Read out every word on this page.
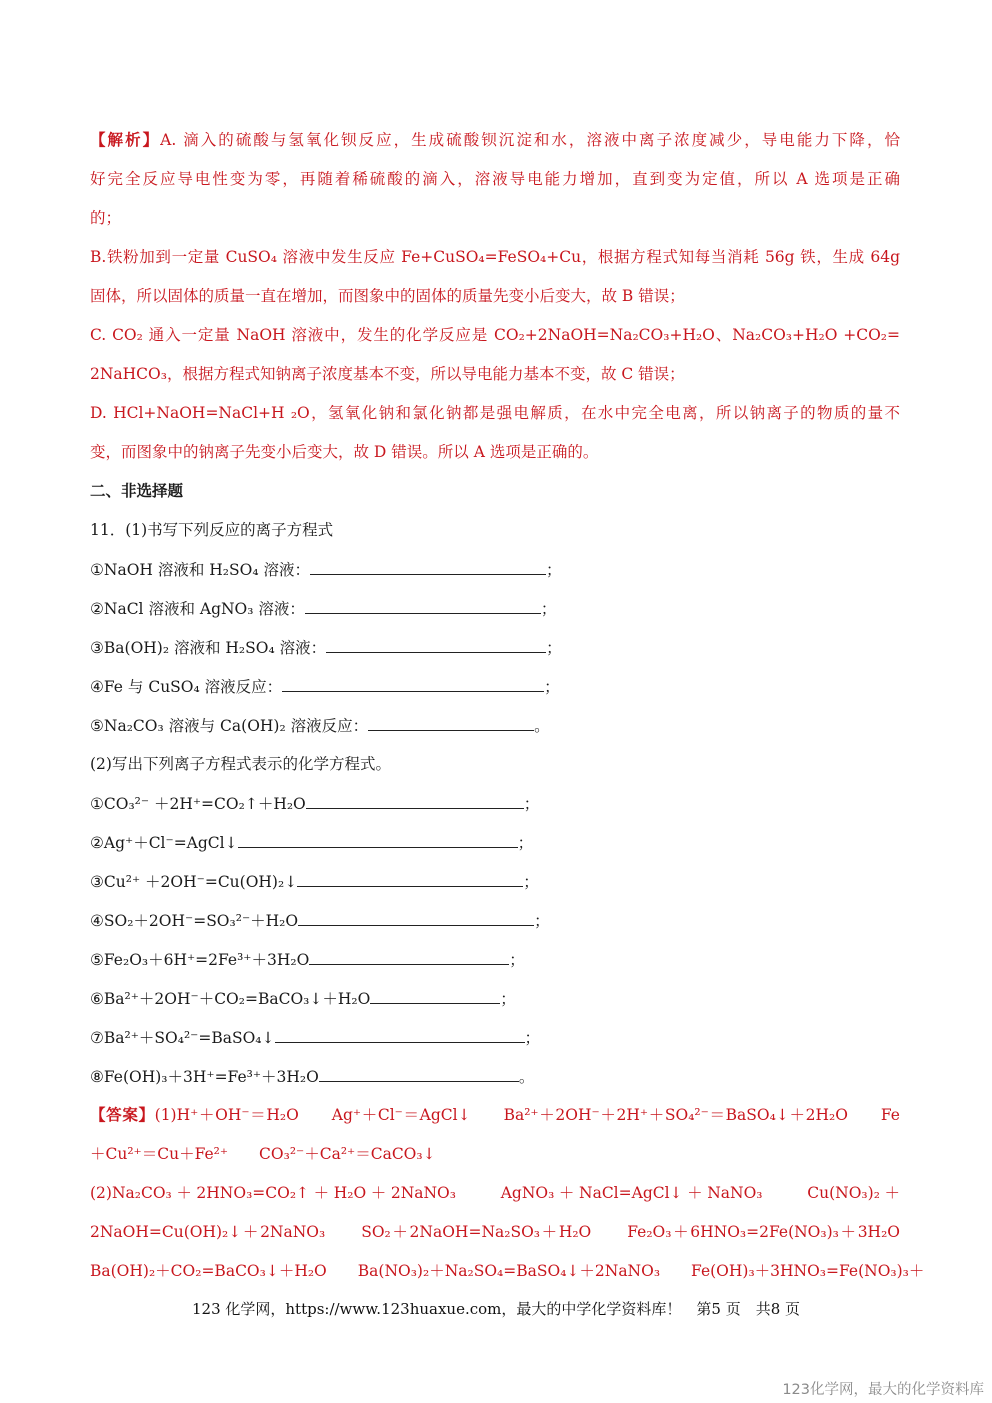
【解析】A. 滴入的硫酸与氢氧化钡反应，生成硫酸钡沉淀和水，溶液中离子浓度减少，导电能力下降，恰
好完全反应导电性变为零，再随着稀硫酸的滴入，溶液导电能力增加，直到变为定值，所以 A 选项是正确
的；
B.铁粉加到一定量 CuSO₄ 溶液中发生反应 Fe+CuSO₄=FeSO₄+Cu，根据方程式知每当消耗 56g 铁，生成 64g
固体，所以固体的质量一直在增加，而图象中的固体的质量先变小后变大，故 B 错误；
C. CO₂ 通入一定量 NaOH 溶液中，发生的化学反应是 CO₂+2NaOH=Na₂CO₃+H₂O、Na₂CO₃+H₂O +CO₂=
2NaHCO₃，根据方程式知钠离子浓度基本不变，所以导电能力基本不变，故 C 错误；
D. HCl+NaOH=NaCl+H ₂O，氢氧化钠和氯化钠都是强电解质，在水中完全电离，所以钠离子的物质的量不
变，而图象中的钠离子先变小后变大，故 D 错误。所以 A 选项是正确的。
二、非选择题
11．(1)书写下列反应的离子方程式
①NaOH 溶液和 H₂SO₄ 溶液：	；
②NaCl 溶液和 AgNO₃ 溶液：	；
③Ba(OH)₂ 溶液和 H₂SO₄ 溶液：	；
④Fe 与 CuSO₄ 溶液反应：	；
⑤Na₂CO₃ 溶液与 Ca(OH)₂ 溶液反应：	。
(2)写出下列离子方程式表示的化学方程式。
①CO₃²⁻ ＋2H⁺=CO₂↑＋H₂O	；
②Ag⁺＋Cl⁻=AgCl↓	；
③Cu²⁺ ＋2OH⁻=Cu(OH)₂↓	；
④SO₂＋2OH⁻=SO₃²⁻＋H₂O	；
⑤Fe₂O₃＋6H⁺=2Fe³⁺＋3H₂O	；
⑥Ba²⁺＋2OH⁻＋CO₂=BaCO₃↓＋H₂O	；
⑦Ba²⁺＋SO₄²⁻=BaSO₄↓	；
⑧Fe(OH)₃＋3H⁺=Fe³⁺＋3H₂O	。
【答案】(1)H⁺＋OH⁻＝H₂O　　Ag⁺＋Cl⁻＝AgCl↓　　Ba²⁺＋2OH⁻＋2H⁺＋SO₄²⁻＝BaSO₄↓＋2H₂O　　Fe
＋Cu²⁺＝Cu＋Fe²⁺　　CO₃²⁻＋Ca²⁺＝CaCO₃↓
(2)Na₂CO₃＋2HNO₃=CO₂↑＋H₂O＋2NaNO₃　　AgNO₃＋NaCl=AgCl↓＋NaNO₃　　Cu(NO₃)₂＋
2NaOH=Cu(OH)₂↓＋2NaNO₃　　SO₂＋2NaOH=Na₂SO₃＋H₂O　　Fe₂O₃＋6HNO₃=2Fe(NO₃)₃＋3H₂O
Ba(OH)₂＋CO₂=BaCO₃↓＋H₂O　　Ba(NO₃)₂＋Na₂SO₄=BaSO₄↓＋2NaNO₃　　Fe(OH)₃＋3HNO₃=Fe(NO₃)₃＋
123 化学网，https://www.123huaxue.com，最大的中学化学资料库！　第5 页　共8 页
123化学网，最大的化学资料库
